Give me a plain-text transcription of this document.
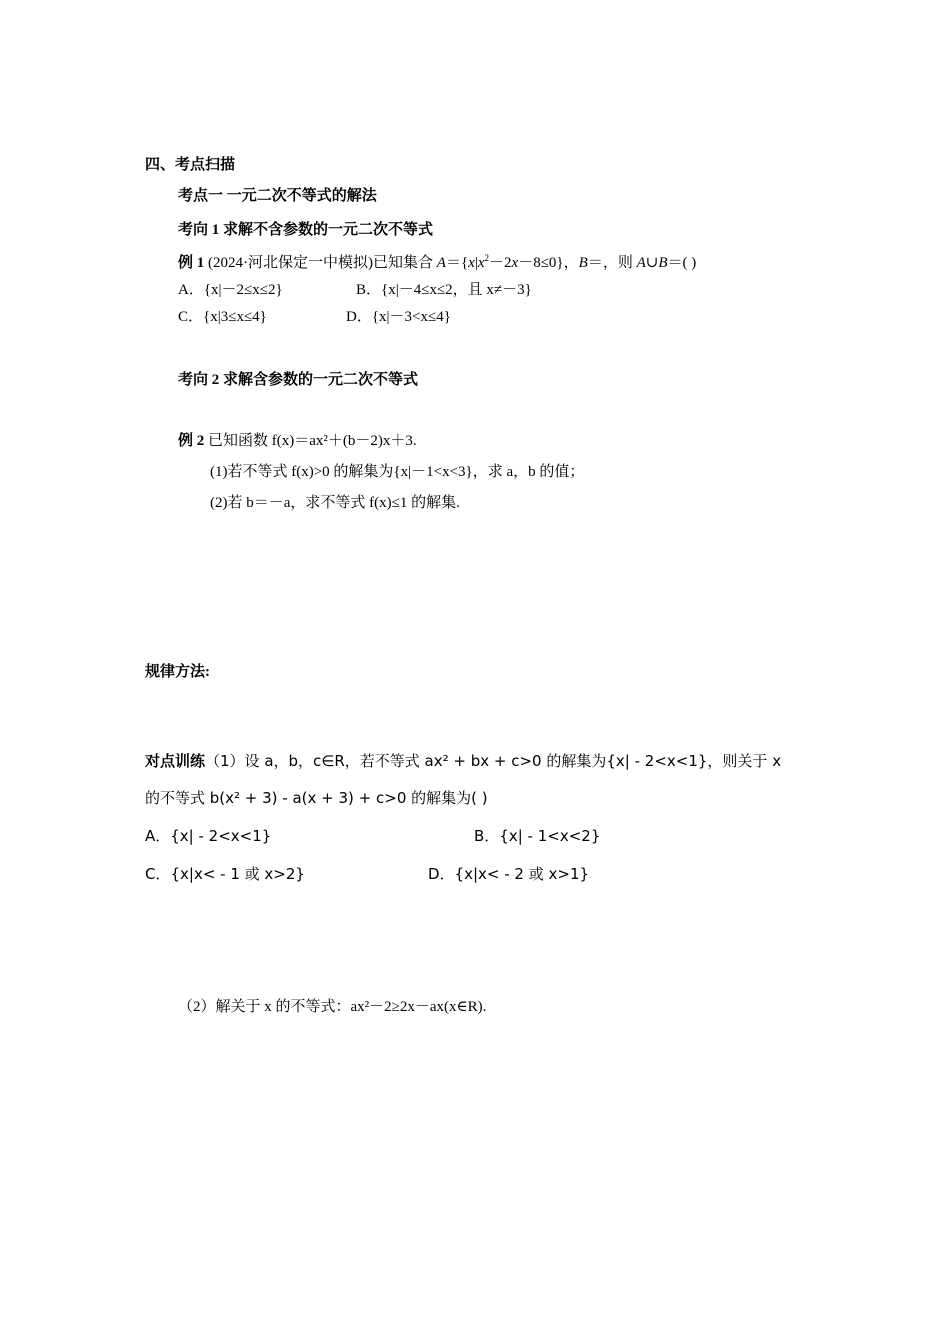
四、考点扫描
考点一 一元二次不等式的解法
考向 1 求解不含参数的一元二次不等式
例 1 (2024·河北保定一中模拟)已知集合 $A=\{x|x^2-2x-8\le 0\}$，B＝，则 A∪B＝( )
A．{x|－2≤x≤2}	B．{x|－4≤x≤2，且 x≠－3}
C．{x|3≤x≤4}	D．{x|－3<x≤4}
考向 2 求解含参数的一元二次不等式
例 2 已知函数 f(x)＝ax²＋(b－2)x＋3.
(1)若不等式 f(x)>0 的解集为{x|－1<x<3}，求 a，b 的值；
(2)若 b＝－a，求不等式 f(x)≤1 的解集.
规律方法:
对点训练（1）设 a，b，c∈R，若不等式 ax² + bx + c>0 的解集为{x| - 2<x<1}，则关于 x
的不等式 b(x² + 3) - a(x + 3) + c>0 的解集为( )
A．{x| - 2<x<1}	B．{x| - 1<x<2}
C．{x|x< - 1 或 x>2}	D．{x|x< - 2 或 x>1}
（2）解关于 x 的不等式：ax²－2≥2x－ax(x∈R).
